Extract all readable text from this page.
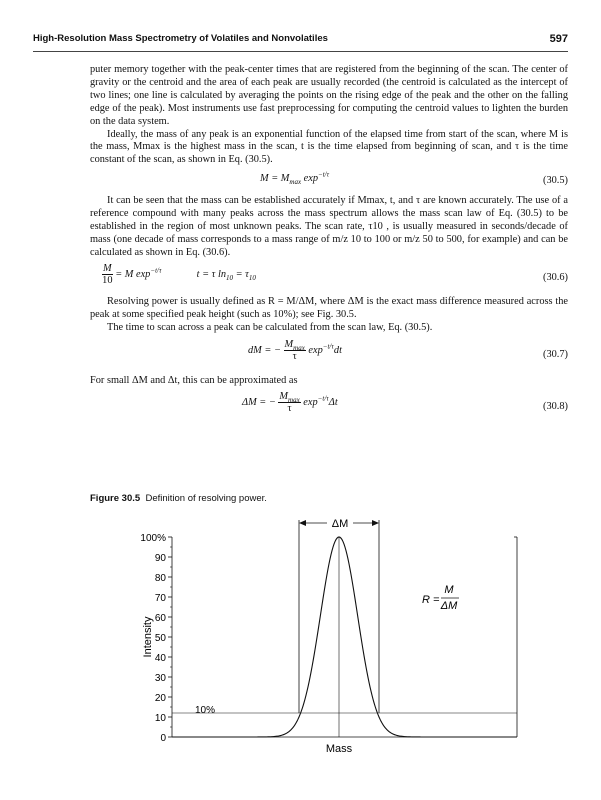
High-Resolution Mass Spectrometry of Volatiles and Nonvolatiles	597

puter memory together with the peak-center times that are registered from the beginning of the scan. The center of gravity or the centroid and the area of each peak are usually recorded (the centroid is calculated as the intercept of two lines; one line is calculated by averaging the points on the rising edge of the peak and the other on the falling edge of the peak). Most instruments use fast preprocessing for computing the centroid values to lighten the burden on the data system.

Ideally, the mass of any peak is an exponential function of the elapsed time from start of the scan, where M is the mass, Mmax is the highest mass in the scan, t is the time elapsed from beginning of scan, and τ is the time constant of the scan, as shown in Eq. (30.5).

$M = M_{max}$ $\exp^{-t/\tau}$
(30.5)

It can be seen that the mass can be established accurately if Mmax, t, and τ are known accurately. The use of a reference compound with many peaks across the mass spectrum allows the mass scan law of Eq. (30.5) to be established in the region of most unknown peaks. The scan rate, τ10 , is usually measured in seconds/decade of mass (one decade of mass corresponds to a mass range of m/z 10 to 100 or m/z 50 to 500, for example) and can be calculated as shown in Eq. (30.6).

$\frac{M}{10} = M$ $\exp^{-t/\tau}$	t = τ $\ln_{10} = \tau_{10}$	(30.6)

Resolving power is usually defined as R = M/ΔM, where ΔM is the exact mass difference measured across the peak at some specified peak height (such as 10%); see Fig. 30.5.

The time to scan across a peak can be calculated from the scan law, Eq. (30.5).

dM = − $\frac{M_{max}}{\tau} \exp^{-t/\tau}dt$	(30.7)

For small ΔM and Δt, this can be approximated as

ΔM = − $\frac{M_{max}}{\tau} \exp^{-t/\tau}\Delta t$	(30.8)
Figure 30.5 Definition of resolving power.
100%
90
80
70
60
50
40
30
20
10
0
Intensity
Mass
10%
ΔM
R =
M
ΔM
